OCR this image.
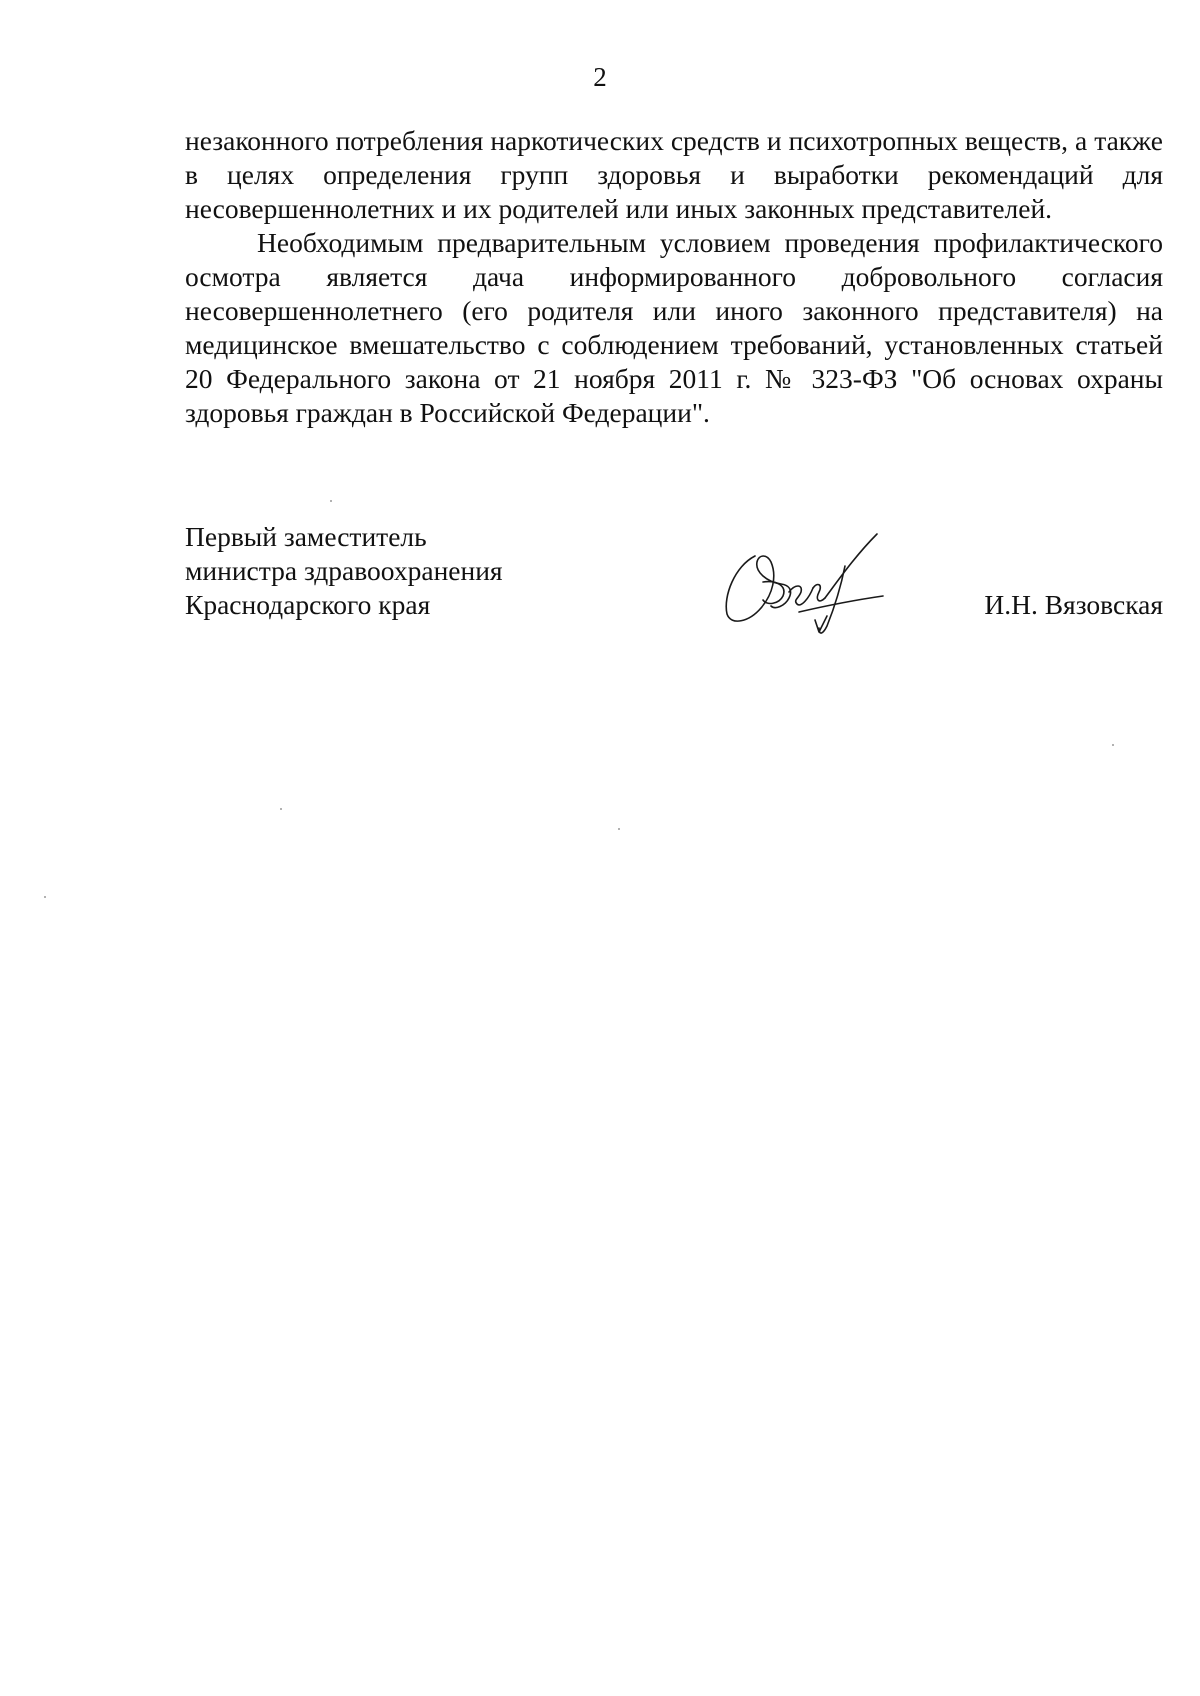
2

незаконного потребления наркотических средств и психотропных веществ, а также в целях определения групп здоровья и выработки рекомендаций для несовершеннолетних и их родителей или иных законных представителей.

Необходимым предварительным условием проведения профилактического осмотра является дача информированного добровольного согласия несовершеннолетнего (его родителя или иного законного представителя) на медицинское вмешательство с соблюдением требований, установленных статьей 20 Федерального закона от 21 ноября 2011 г. № 323-ФЗ "Об основах охраны здоровья граждан в Российской Федерации".

Первый заместитель
министра здравоохранения
Краснодарского края	И.Н. Вязовская
